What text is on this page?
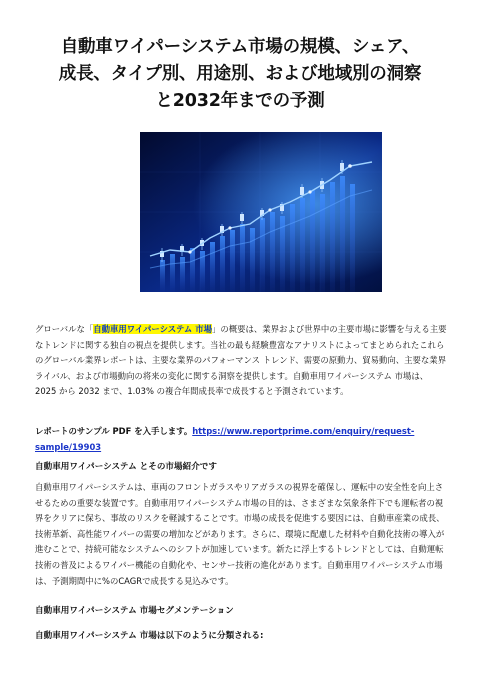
自動車ワイパーシステム市場の規模、シェア、
成長、タイプ別、用途別、および地域別の洞察
と2032年までの予測

グローバルな「自動車用ワイパーシステム 市場」の概要は、業界および世界中の主要市場に影響を与える主要なトレンドに関する独自の視点を提供します。当社の最も経験豊富なアナリストによってまとめられたこれらのグローバル業界レポートは、主要な業界のパフォーマンス トレンド、需要の原動力、貿易動向、主要な業界ライバル、および市場動向の将来の変化に関する洞察を提供します。自動車用ワイパーシステム 市場は、2025 から 2032 まで、1.03% の複合年間成長率で成長すると予測されています。

レポートのサンプル PDF を入手します。https://www.reportprime.com/enquiry/request-sample/19903

自動車用ワイパーシステム とその市場紹介です

自動車用ワイパーシステムは、車両のフロントガラスやリアガラスの視界を確保し、運転中の安全性を向上させるための重要な装置です。自動車用ワイパーシステム市場の目的は、さまざまな気象条件下でも運転者の視界をクリアに保ち、事故のリスクを軽減することです。市場の成長を促進する要因には、自動車産業の成長、技術革新、高性能ワイパーの需要の増加などがあります。さらに、環境に配慮した材料や自動化技術の導入が進むことで、持続可能なシステムへのシフトが加速しています。新たに浮上するトレンドとしては、自動運転技術の普及によるワイパー機能の自動化や、センサー技術の進化があります。自動車用ワイパーシステム市場は、予測期間中に%のCAGRで成長する見込みです。

自動車用ワイパーシステム 市場セグメンテーション
自動車用ワイパーシステム 市場は以下のように分類される:
